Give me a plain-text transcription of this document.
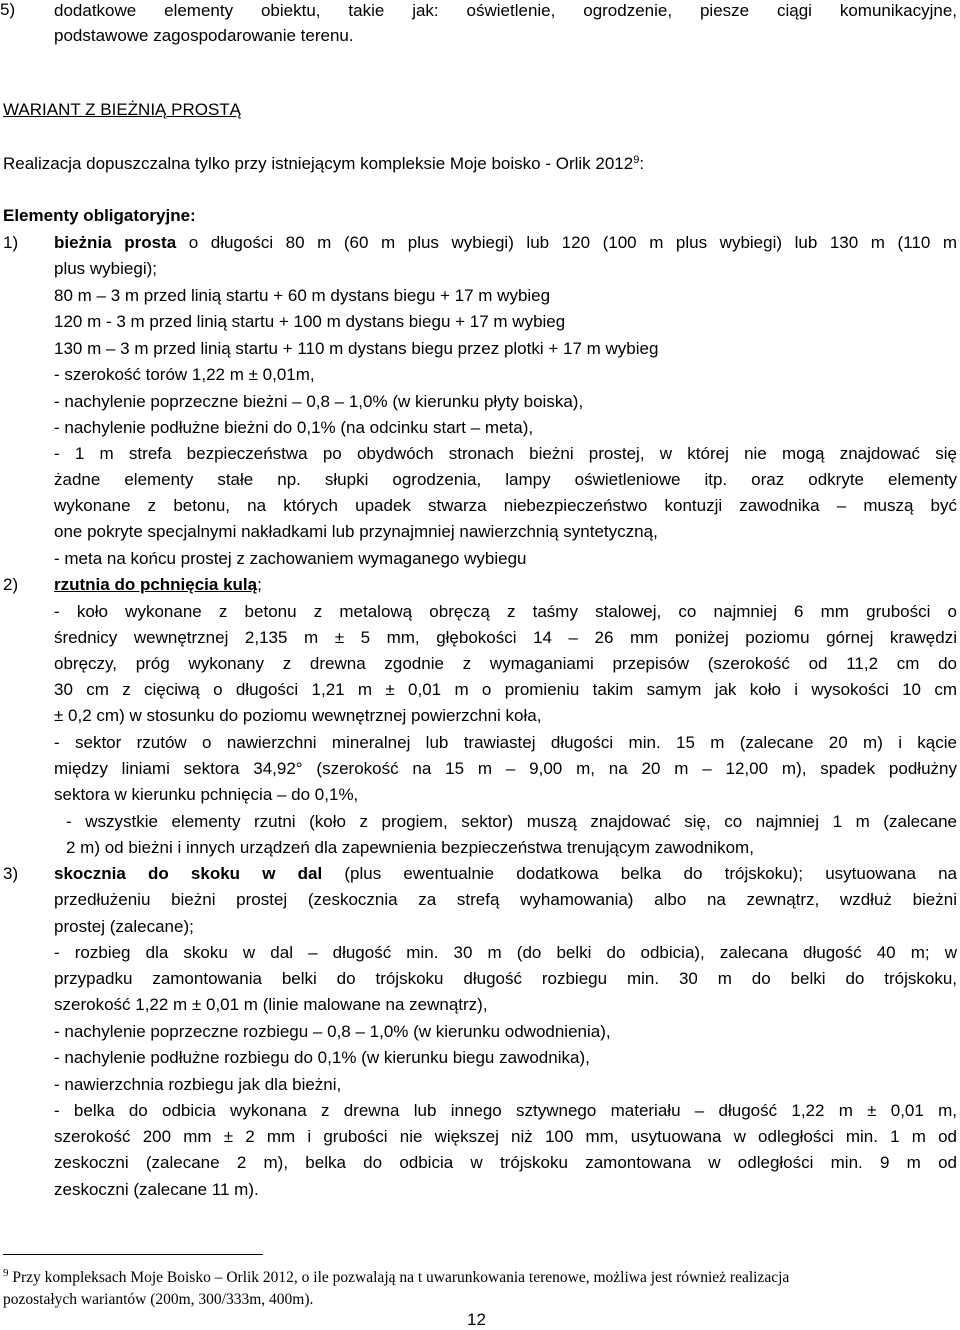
5) dodatkowe elementy obiektu, takie jak: oświetlenie, ogrodzenie, piesze ciągi komunikacyjne,
podstawowe zagospodarowanie terenu.
WARIANT Z BIEŻNIĄ PROSTĄ
Realizacja dopuszczalna tylko przy istniejącym kompleksie Moje boisko - Orlik 2012$^9$:
Elementy obligatoryjne:
1) bieżnia prosta o długości 80 m (60 m plus wybiegi) lub 120 (100 m plus wybiegi) lub 130 m (110 m
plus wybiegi);
80 m – 3 m przed linią startu + 60 m dystans biegu + 17 m wybieg
120 m - 3 m przed linią startu + 100 m dystans biegu + 17 m wybieg
130 m – 3 m przed linią startu + 110 m dystans biegu przez plotki + 17 m wybieg
- szerokość torów 1,22 m ± 0,01m,
- nachylenie poprzeczne bieżni – 0,8 – 1,0% (w kierunku płyty boiska),
- nachylenie podłużne bieżni do 0,1% (na odcinku start – meta),
- 1 m strefa bezpieczeństwa po obydwóch stronach bieżni prostej, w której nie mogą znajdować się
żadne elementy stałe np. słupki ogrodzenia, lampy oświetleniowe itp. oraz odkryte elementy
wykonane z betonu, na których upadek stwarza niebezpieczeństwo kontuzji zawodnika – muszą być
one pokryte specjalnymi nakładkami lub przynajmniej nawierzchnią syntetyczną,
- meta na końcu prostej z zachowaniem wymaganego wybiegu
2) rzutnia do pchnięcia kulą;
- koło wykonane z betonu z metalową obręczą z taśmy stalowej, co najmniej 6 mm grubości o
średnicy wewnętrznej 2,135 m ± 5 mm, głębokości 14 – 26 mm poniżej poziomu górnej krawędzi
obręczy, próg wykonany z drewna zgodnie z wymaganiami przepisów (szerokość od 11,2 cm do
30 cm z cięciwą o długości 1,21 m ± 0,01 m o promieniu takim samym jak koło i wysokości 10 cm
± 0,2 cm) w stosunku do poziomu wewnętrznej powierzchni koła,
- sektor rzutów o nawierzchni mineralnej lub trawiastej długości min. 15 m (zalecane 20 m) i kącie
między liniami sektora 34,92° (szerokość na 15 m – 9,00 m, na 20 m – 12,00 m), spadek podłużny
sektora w kierunku pchnięcia – do 0,1%,
- wszystkie elementy rzutni (koło z progiem, sektor) muszą znajdować się, co najmniej 1 m (zalecane
2 m) od bieżni i innych urządzeń dla zapewnienia bezpieczeństwa trenującym zawodnikom,
3) skocznia do skoku w dal (plus ewentualnie dodatkowa belka do trójskoku); usytuowana na
przedłużeniu bieżni prostej (zeskocznia za strefą wyhamowania) albo na zewnątrz, wzdłuż bieżni
prostej (zalecane);
- rozbieg dla skoku w dal – długość min. 30 m (do belki do odbicia), zalecana długość 40 m; w
przypadku zamontowania belki do trójskoku długość rozbiegu min. 30 m do belki do trójskoku,
szerokość 1,22 m ± 0,01 m (linie malowane na zewnątrz),
- nachylenie poprzeczne rozbiegu – 0,8 – 1,0% (w kierunku odwodnienia),
- nachylenie podłużne rozbiegu do 0,1% (w kierunku biegu zawodnika),
- nawierzchnia rozbiegu jak dla bieżni,
- belka do odbicia wykonana z drewna lub innego sztywnego materiału – długość 1,22 m ± 0,01 m,
szerokość 200 mm ± 2 mm i grubości nie większej niż 100 mm, usytuowana w odległości min. 1 m od
zeskoczni (zalecane 2 m), belka do odbicia w trójskoku zamontowana w odległości min. 9 m od
zeskoczni (zalecane 11 m).
$^9$ Przy kompleksach Moje Boisko – Orlik 2012, o ile pozwalają na t uwarunkowania terenowe, możliwa jest również realizacja
pozostałych wariantów (200m, 300/333m, 400m).
12
